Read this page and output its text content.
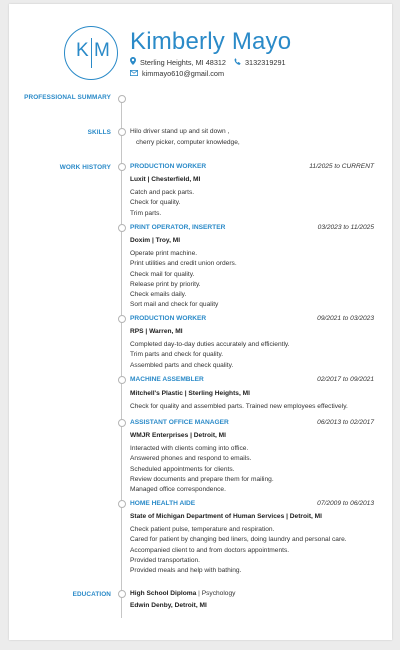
K M Kimberly Mayo
Sterling Heights, MI 48312	3132319291
kimmayo610@gmail.com
PROFESSIONAL SUMMARY
SKILLS	Hilo driver stand up and sit down ,
cherry picker, computer knowledge,
WORK HISTORY	PRODUCTION WORKER	11/2025 to CURRENT
Luxit | Chesterfield, MI
Catch and pack parts.
Check for quality.
Trim parts.
PRINT OPERATOR, INSERTER	03/2023 to 11/2025
Doxim | Troy, MI
Operate print machine.
Print utilities and credit union orders.
Check mail for quality.
Release print by priority.
Check emails daily.
Sort mail and check for quality
PRODUCTION WORKER	09/2021 to 03/2023
RPS | Warren, MI
Completed day-to-day duties accurately and efficiently.
Trim parts and check for quality.
Assembled parts and check quality.
MACHINE ASSEMBLER	02/2017 to 09/2021
Mitchell's Plastic | Sterling Heights, MI
Check for quality and assembled parts. Trained new employees effectively.
ASSISTANT OFFICE MANAGER	06/2013 to 02/2017
WMJR Enterprises | Detroit, MI
Interacted with clients coming into office.
Answered phones and respond to emails.
Scheduled appointments for clients.
Review documents and prepare them for mailing.
Managed office correspondence.
HOME HEALTH AIDE	07/2009 to 06/2013
State of Michigan Department of Human Services | Detroit, MI
Check patient pulse, temperature and respiration.
Cared for patient by changing bed liners, doing laundry and personal care.
Accompanied client to and from doctors appointments.
Provided transportation.
Provided meals and help with bathing.
EDUCATION	High School Diploma | Psychology
Edwin Denby, Detroit, MI
